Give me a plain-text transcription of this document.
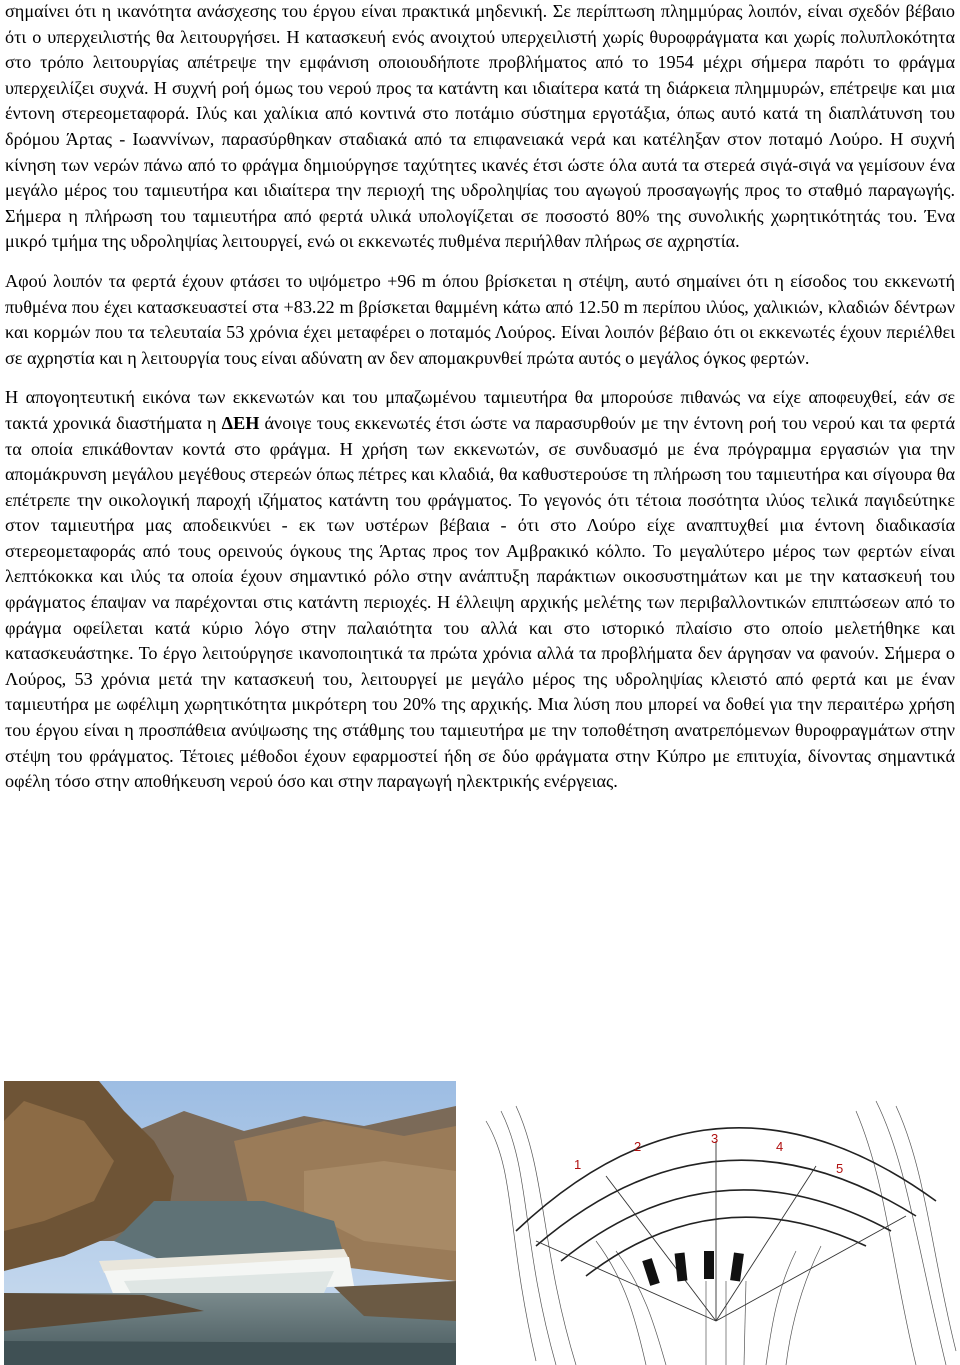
σημαίνει ότι η ικανότητα ανάσχεσης του έργου είναι πρακτικά μηδενική. Σε περίπτωση πλημμύρας λοιπόν, είναι σχεδόν βέβαιο ότι ο υπερχειλιστής θα λειτουργήσει. Η κατασκευή ενός ανοιχτού υπερχειλιστή χωρίς θυροφράγματα και χωρίς πολυπλοκότητα στο τρόπο λειτουργίας απέτρεψε την εμφάνιση οποιουδήποτε προβλήματος από το 1954 μέχρι σήμερα παρότι το φράγμα υπερχειλίζει συχνά. Η συχνή ροή όμως του νερού προς τα κατάντη και ιδιαίτερα κατά τη διάρκεια πλημμυρών, επέτρεψε και μια έντονη στερεομεταφορά. Ιλύς και χαλίκια από κοντινά στο ποτάμιο σύστημα εργοτάξια, όπως αυτό κατά τη διαπλάτυνση του δρόμου Άρτας - Ιωαννίνων, παρασύρθηκαν σταδιακά από τα επιφανειακά νερά και κατέληξαν στον ποταμό Λούρο. Η συχνή κίνηση των νερών πάνω από το φράγμα δημιούργησε ταχύτητες ικανές έτσι ώστε όλα αυτά τα στερεά σιγά-σιγά να γεμίσουν ένα μεγάλο μέρος του ταμιευτήρα και ιδιαίτερα την περιοχή της υδροληψίας του αγωγού προσαγωγής προς το σταθμό παραγωγής. Σήμερα η πλήρωση του ταμιευτήρα από φερτά υλικά υπολογίζεται σε ποσοστό 80% της συνολικής χωρητικότητάς του. Ένα μικρό τμήμα της υδροληψίας λειτουργεί, ενώ οι εκκενωτές πυθμένα περιήλθαν πλήρως σε αχρηστία.

Αφού λοιπόν τα φερτά έχουν φτάσει το υψόμετρο +96 m όπου βρίσκεται η στέψη, αυτό σημαίνει ότι η είσοδος του εκκενωτή πυθμένα που έχει κατασκευαστεί στα +83.22 m βρίσκεται θαμμένη κάτω από 12.50 m περίπου ιλύος, χαλικιών, κλαδιών δέντρων και κορμών που τα τελευταία 53 χρόνια έχει μεταφέρει ο ποταμός Λούρος. Είναι λοιπόν βέβαιο ότι οι εκκενωτές έχουν περιέλθει σε αχρηστία και η λειτουργία τους είναι αδύνατη αν δεν απομακρυνθεί πρώτα αυτός ο μεγάλος όγκος φερτών.

Η απογοητευτική εικόνα των εκκενωτών και του μπαζωμένου ταμιευτήρα θα μπορούσε πιθανώς να είχε αποφευχθεί, εάν σε τακτά χρονικά διαστήματα η ΔΕΗ άνοιγε τους εκκενωτές έτσι ώστε να παρασυρθούν με την έντονη ροή του νερού και τα φερτά τα οποία επικάθονταν κοντά στο φράγμα. Η χρήση των εκκενωτών, σε συνδυασμό με ένα πρόγραμμα εργασιών για την απομάκρυνση μεγάλου μεγέθους στερεών όπως πέτρες και κλαδιά, θα καθυστερούσε τη πλήρωση του ταμιευτήρα και σίγουρα θα επέτρεπε την οικολογική παροχή ιζήματος κατάντη του φράγματος. Το γεγονός ότι τέτοια ποσότητα ιλύος τελικά παγιδεύτηκε στον ταμιευτήρα μας αποδεικνύει - εκ των υστέρων βέβαια - ότι στο Λούρο είχε αναπτυχθεί μια έντονη διαδικασία στερεομεταφοράς από τους ορεινούς όγκους της Άρτας προς τον Αμβρακικό κόλπο. Το μεγαλύτερο μέρος των φερτών είναι λεπτόκοκκα και ιλύς τα οποία έχουν σημαντικό ρόλο στην ανάπτυξη παράκτιων οικοσυστημάτων και με την κατασκευή του φράγματος έπαψαν να παρέχονται στις κατάντη περιοχές. Η έλλειψη αρχικής μελέτης των περιβαλλοντικών επιπτώσεων από το φράγμα οφείλεται κατά κύριο λόγο στην παλαιότητα του αλλά και στο ιστορικό πλαίσιο στο οποίο μελετήθηκε και κατασκευάστηκε. Το έργο λειτούργησε ικανοποιητικά τα πρώτα χρόνια αλλά τα προβλήματα δεν άργησαν να φανούν. Σήμερα ο Λούρος, 53 χρόνια μετά την κατασκευή του, λειτουργεί με μεγάλο μέρος της υδροληψίας κλειστό από φερτά και με έναν ταμιευτήρα με ωφέλιμη χωρητικότητα μικρότερη του 20% της αρχικής. Μια λύση που μπορεί να δοθεί για την περαιτέρω χρήση του έργου είναι η προσπάθεια ανύψωσης της στάθμης του ταμιευτήρα με την τοποθέτηση ανατρεπόμενων θυροφραγμάτων στην στέψη του φράγματος. Τέτοιες μέθοδοι έχουν εφαρμοστεί ήδη σε δύο φράγματα στην Κύπρο με επιτυχία, δίνοντας σημαντικά οφέλη τόσο στην αποθήκευση νερού όσο και στην παραγωγή ηλεκτρικής ενέργειας.

1
2
3
4
5
